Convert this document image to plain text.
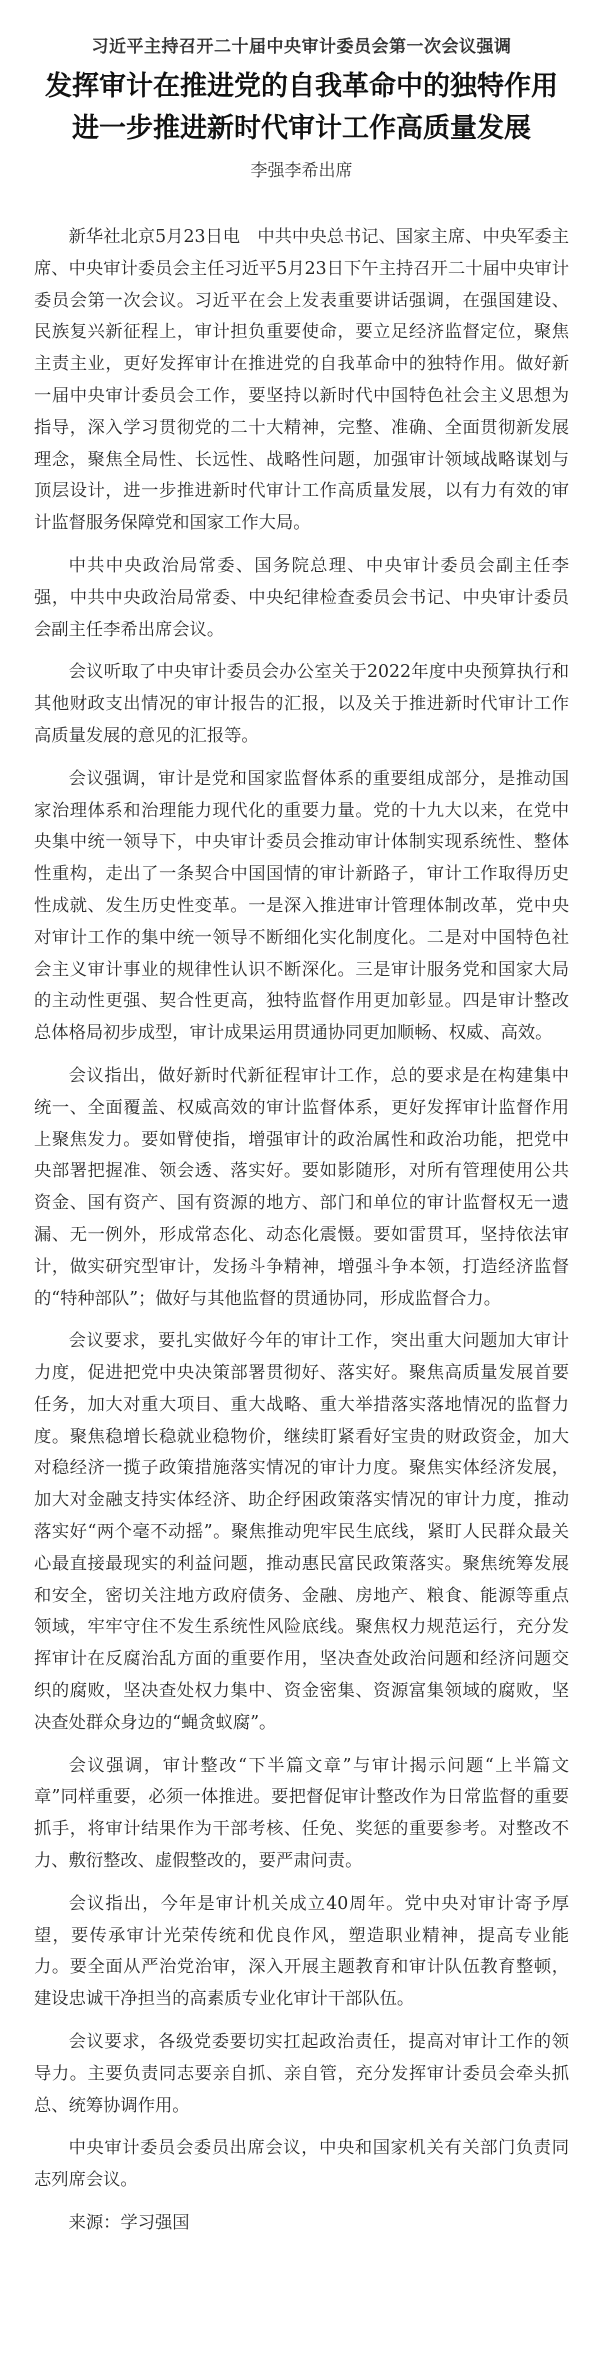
习近平主持召开二十届中央审计委员会第一次会议强调
发挥审计在推进党的自我革命中的独特作用
进一步推进新时代审计工作高质量发展
李强李希出席

新华社北京5月23日电　中共中央总书记、国家主席、中央军委主席、中央审计委员会主任习近平5月23日下午主持召开二十届中央审计委员会第一次会议。习近平在会上发表重要讲话强调，在强国建设、民族复兴新征程上，审计担负重要使命，要立足经济监督定位，聚焦主责主业，更好发挥审计在推进党的自我革命中的独特作用。做好新一届中央审计委员会工作，要坚持以新时代中国特色社会主义思想为指导，深入学习贯彻党的二十大精神，完整、准确、全面贯彻新发展理念，聚焦全局性、长远性、战略性问题，加强审计领域战略谋划与顶层设计，进一步推进新时代审计工作高质量发展，以有力有效的审计监督服务保障党和国家工作大局。

中共中央政治局常委、国务院总理、中央审计委员会副主任李强，中共中央政治局常委、中央纪律检查委员会书记、中央审计委员会副主任李希出席会议。

会议听取了中央审计委员会办公室关于2022年度中央预算执行和其他财政支出情况的审计报告的汇报，以及关于推进新时代审计工作高质量发展的意见的汇报等。

会议强调，审计是党和国家监督体系的重要组成部分，是推动国家治理体系和治理能力现代化的重要力量。党的十九大以来，在党中央集中统一领导下，中央审计委员会推动审计体制实现系统性、整体性重构，走出了一条契合中国国情的审计新路子，审计工作取得历史性成就、发生历史性变革。一是深入推进审计管理体制改革，党中央对审计工作的集中统一领导不断细化实化制度化。二是对中国特色社会主义审计事业的规律性认识不断深化。三是审计服务党和国家大局的主动性更强、契合性更高，独特监督作用更加彰显。四是审计整改总体格局初步成型，审计成果运用贯通协同更加顺畅、权威、高效。

会议指出，做好新时代新征程审计工作，总的要求是在构建集中统一、全面覆盖、权威高效的审计监督体系，更好发挥审计监督作用上聚焦发力。要如臂使指，增强审计的政治属性和政治功能，把党中央部署把握准、领会透、落实好。要如影随形，对所有管理使用公共资金、国有资产、国有资源的地方、部门和单位的审计监督权无一遗漏、无一例外，形成常态化、动态化震慑。要如雷贯耳，坚持依法审计，做实研究型审计，发扬斗争精神，增强斗争本领，打造经济监督的“特种部队”；做好与其他监督的贯通协同，形成监督合力。

会议要求，要扎实做好今年的审计工作，突出重大问题加大审计力度，促进把党中央决策部署贯彻好、落实好。聚焦高质量发展首要任务，加大对重大项目、重大战略、重大举措落实落地情况的监督力度。聚焦稳增长稳就业稳物价，继续盯紧看好宝贵的财政资金，加大对稳经济一揽子政策措施落实情况的审计力度。聚焦实体经济发展，加大对金融支持实体经济、助企纾困政策落实情况的审计力度，推动落实好“两个毫不动摇”。聚焦推动兜牢民生底线，紧盯人民群众最关心最直接最现实的利益问题，推动惠民富民政策落实。聚焦统筹发展和安全，密切关注地方政府债务、金融、房地产、粮食、能源等重点领域，牢牢守住不发生系统性风险底线。聚焦权力规范运行，充分发挥审计在反腐治乱方面的重要作用，坚决查处政治问题和经济问题交织的腐败，坚决查处权力集中、资金密集、资源富集领域的腐败，坚决查处群众身边的“蝇贪蚁腐”。

会议强调，审计整改“下半篇文章”与审计揭示问题“上半篇文章”同样重要，必须一体推进。要把督促审计整改作为日常监督的重要抓手，将审计结果作为干部考核、任免、奖惩的重要参考。对整改不力、敷衍整改、虚假整改的，要严肃问责。

会议指出，今年是审计机关成立40周年。党中央对审计寄予厚望，要传承审计光荣传统和优良作风，塑造职业精神，提高专业能力。要全面从严治党治审，深入开展主题教育和审计队伍教育整顿，建设忠诚干净担当的高素质专业化审计干部队伍。

会议要求，各级党委要切实扛起政治责任，提高对审计工作的领导力。主要负责同志要亲自抓、亲自管，充分发挥审计委员会牵头抓总、统筹协调作用。

中央审计委员会委员出席会议，中央和国家机关有关部门负责同志列席会议。

来源：学习强国
